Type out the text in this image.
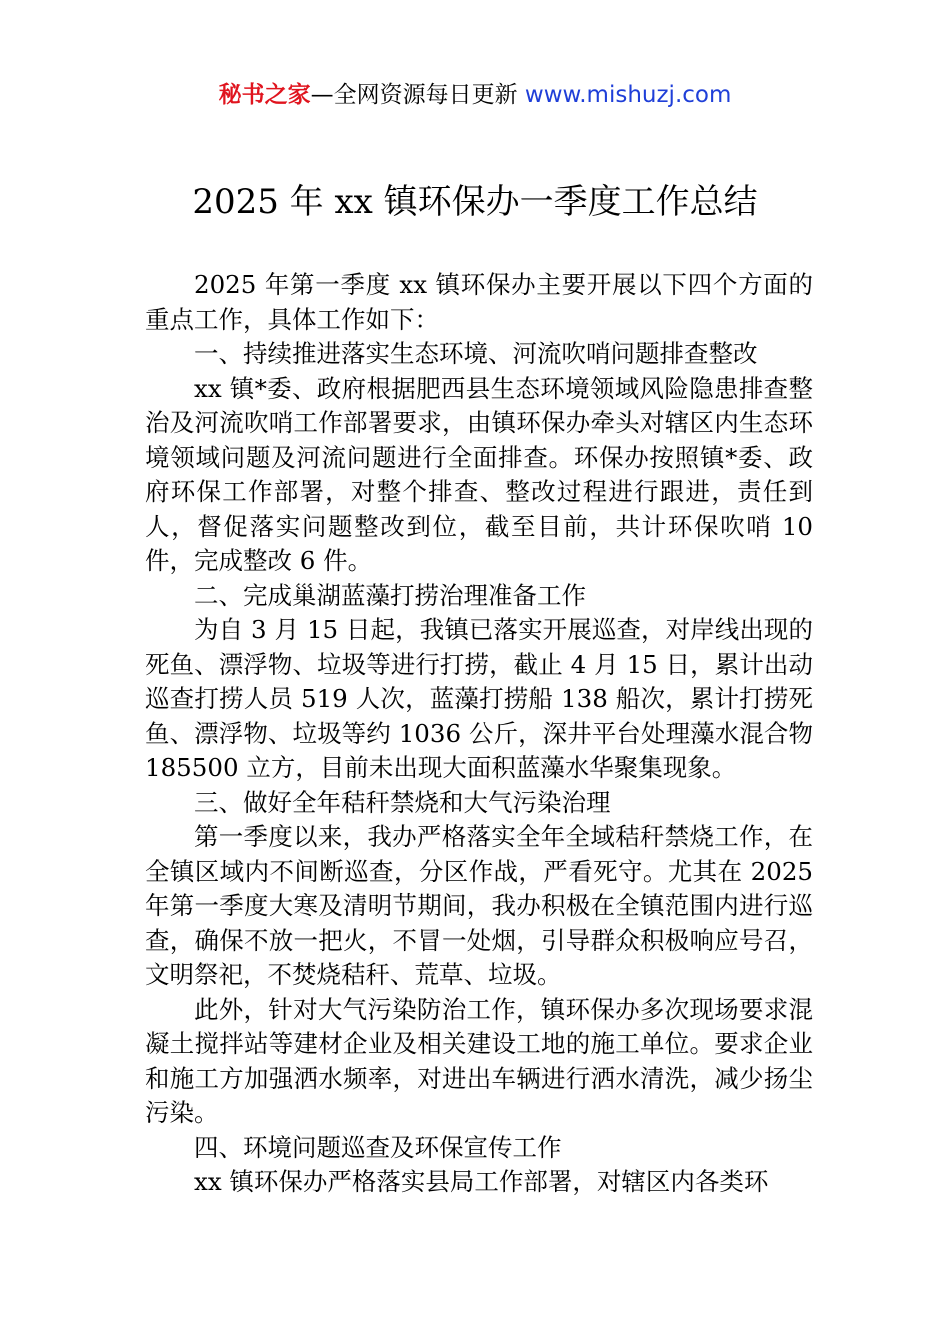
秘书之家—全网资源每日更新 www.mishuzj.com
2025 年 xx 镇环保办一季度工作总结

2025 年第一季度 xx 镇环保办主要开展以下四个方面的重点工作，具体工作如下：

一、持续推进落实生态环境、河流吹哨问题排查整改

xx 镇*委、政府根据肥西县生态环境领域风险隐患排查整治及河流吹哨工作部署要求，由镇环保办牵头对辖区内生态环境领域问题及河流问题进行全面排查。环保办按照镇*委、政府环保工作部署，对整个排查、整改过程进行跟进，责任到人，督促落实问题整改到位，截至目前，共计环保吹哨 10 件，完成整改 6 件。

二、完成巢湖蓝藻打捞治理准备工作

为自 3 月 15 日起，我镇已落实开展巡查，对岸线出现的死鱼、漂浮物、垃圾等进行打捞，截止 4 月 15 日，累计出动巡查打捞人员 519 人次，蓝藻打捞船 138 船次，累计打捞死鱼、漂浮物、垃圾等约 1036 公斤，深井平台处理藻水混合物 185500 立方，目前未出现大面积蓝藻水华聚集现象。

三、做好全年秸秆禁烧和大气污染治理

第一季度以来，我办严格落实全年全域秸秆禁烧工作，在全镇区域内不间断巡查，分区作战，严看死守。尤其在 2025 年第一季度大寒及清明节期间，我办积极在全镇范围内进行巡查，确保不放一把火，不冒一处烟，引导群众积极响应号召，文明祭祀，不焚烧秸秆、荒草、垃圾。

此外，针对大气污染防治工作，镇环保办多次现场要求混凝土搅拌站等建材企业及相关建设工地的施工单位。要求企业和施工方加强洒水频率，对进出车辆进行洒水清洗，减少扬尘污染。

四、环境问题巡查及环保宣传工作

xx 镇环保办严格落实县局工作部署，对辖区内各类环
